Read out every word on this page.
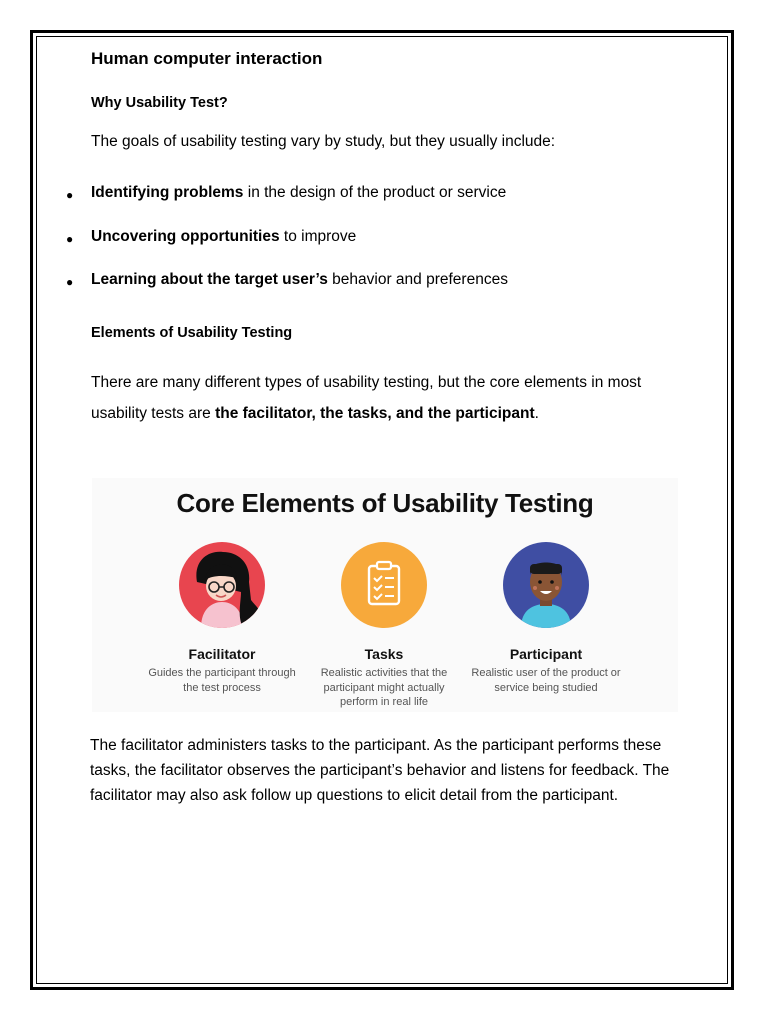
Human computer interaction
Why Usability Test?
The goals of usability testing vary by study, but they usually include:
● Identifying problems in the design of the product or service
● Uncovering opportunities to improve
● Learning about the target user’s behavior and preferences
Elements of Usability Testing
There are many different types of usability testing, but the core elements in most
usability tests are the facilitator, the tasks, and the participant.
Core Elements of Usability Testing
Facilitator	Tasks	Participant
Guides the participant through the test process
Realistic activities that the participant might actually perform in real life
Realistic user of the product or service being studied
The facilitator administers tasks to the participant. As the participant performs these tasks, the facilitator observes the participant’s behavior and listens for feedback. The facilitator may also ask follow up questions to elicit detail from the participant.
